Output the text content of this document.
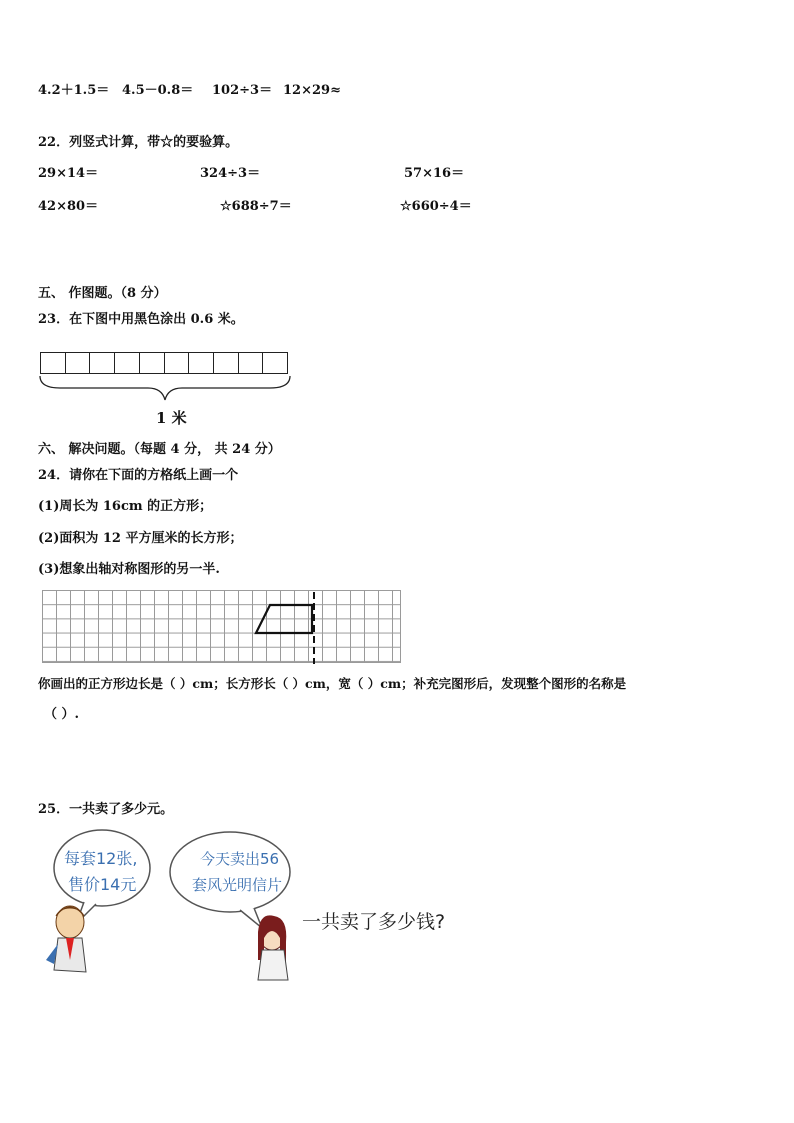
4.2＋1.5＝ 4.5－0.8＝ 102÷3＝ 12×29≈
22．列竖式计算，带☆的要验算。
29×14＝	324÷3＝	57×16＝
42×80＝	☆688÷7＝	☆660÷4＝
五、 作图题。（8 分）
23．在下图中用黑色涂出 0.6 米。
1 米
六、 解决问题。（每题 4 分， 共 24 分）
24．请你在下面的方格纸上画一个
(1)周长为 16cm 的正方形；
(2)面积为 12 平方厘米的长方形；
(3)想象出轴对称图形的另一半.
你画出的正方形边长是（ ）cm；长方形长（ ）cm，宽（ ）cm；补充完图形后，发现整个图形的名称是
（ ）.
25．一共卖了多少元。
每套12张,
售价14元
今天卖出56
套风光明信片
一共卖了多少钱?
